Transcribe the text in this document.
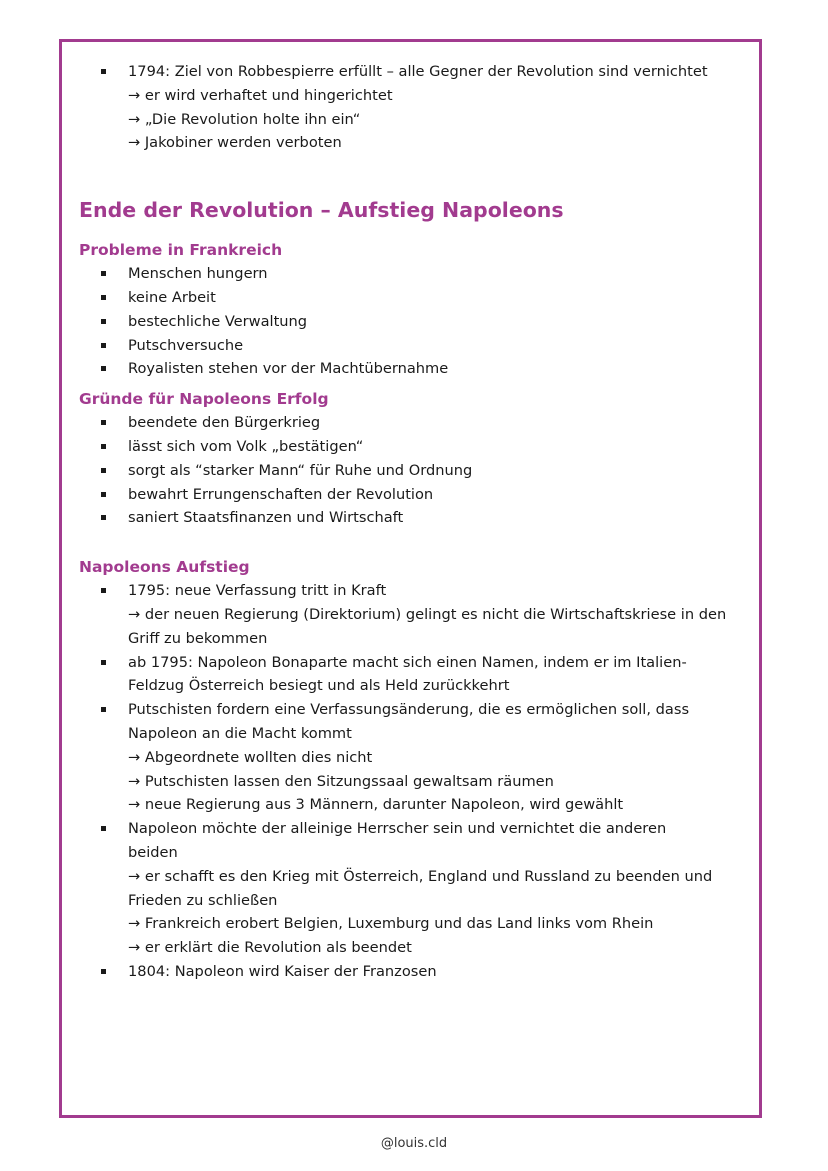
1794: Ziel von Robbespierre erfüllt – alle Gegner der Revolution sind vernichtet
→ er wird verhaftet und hingerichtet
→ „Die Revolution holte ihn ein“
→ Jakobiner werden verboten
Ende der Revolution – Aufstieg Napoleons
Probleme in Frankreich
Menschen hungern
keine Arbeit
bestechliche Verwaltung
Putschversuche
Royalisten stehen vor der Machtübernahme
Gründe für Napoleons Erfolg
beendete den Bürgerkrieg
lässt sich vom Volk „bestätigen“
sorgt als “starker Mann“ für Ruhe und Ordnung
bewahrt Errungenschaften der Revolution
saniert Staatsfinanzen und Wirtschaft
Napoleons Aufstieg
1795: neue Verfassung tritt in Kraft
→ der neuen Regierung (Direktorium) gelingt es nicht die Wirtschaftskriese in den
Griff zu bekommen
ab 1795: Napoleon Bonaparte macht sich einen Namen, indem er im Italien-
Feldzug Österreich besiegt und als Held zurückkehrt
Putschisten fordern eine Verfassungsänderung, die es ermöglichen soll, dass
Napoleon an die Macht kommt
→ Abgeordnete wollten dies nicht
→ Putschisten lassen den Sitzungssaal gewaltsam räumen
→ neue Regierung aus 3 Männern, darunter Napoleon, wird gewählt
Napoleon möchte der alleinige Herrscher sein und vernichtet die anderen
beiden
→ er schafft es den Krieg mit Österreich, England und Russland zu beenden und
Frieden zu schließen
→ Frankreich erobert Belgien, Luxemburg und das Land links vom Rhein
→ er erklärt die Revolution als beendet
1804: Napoleon wird Kaiser der Franzosen
@louis.cld
